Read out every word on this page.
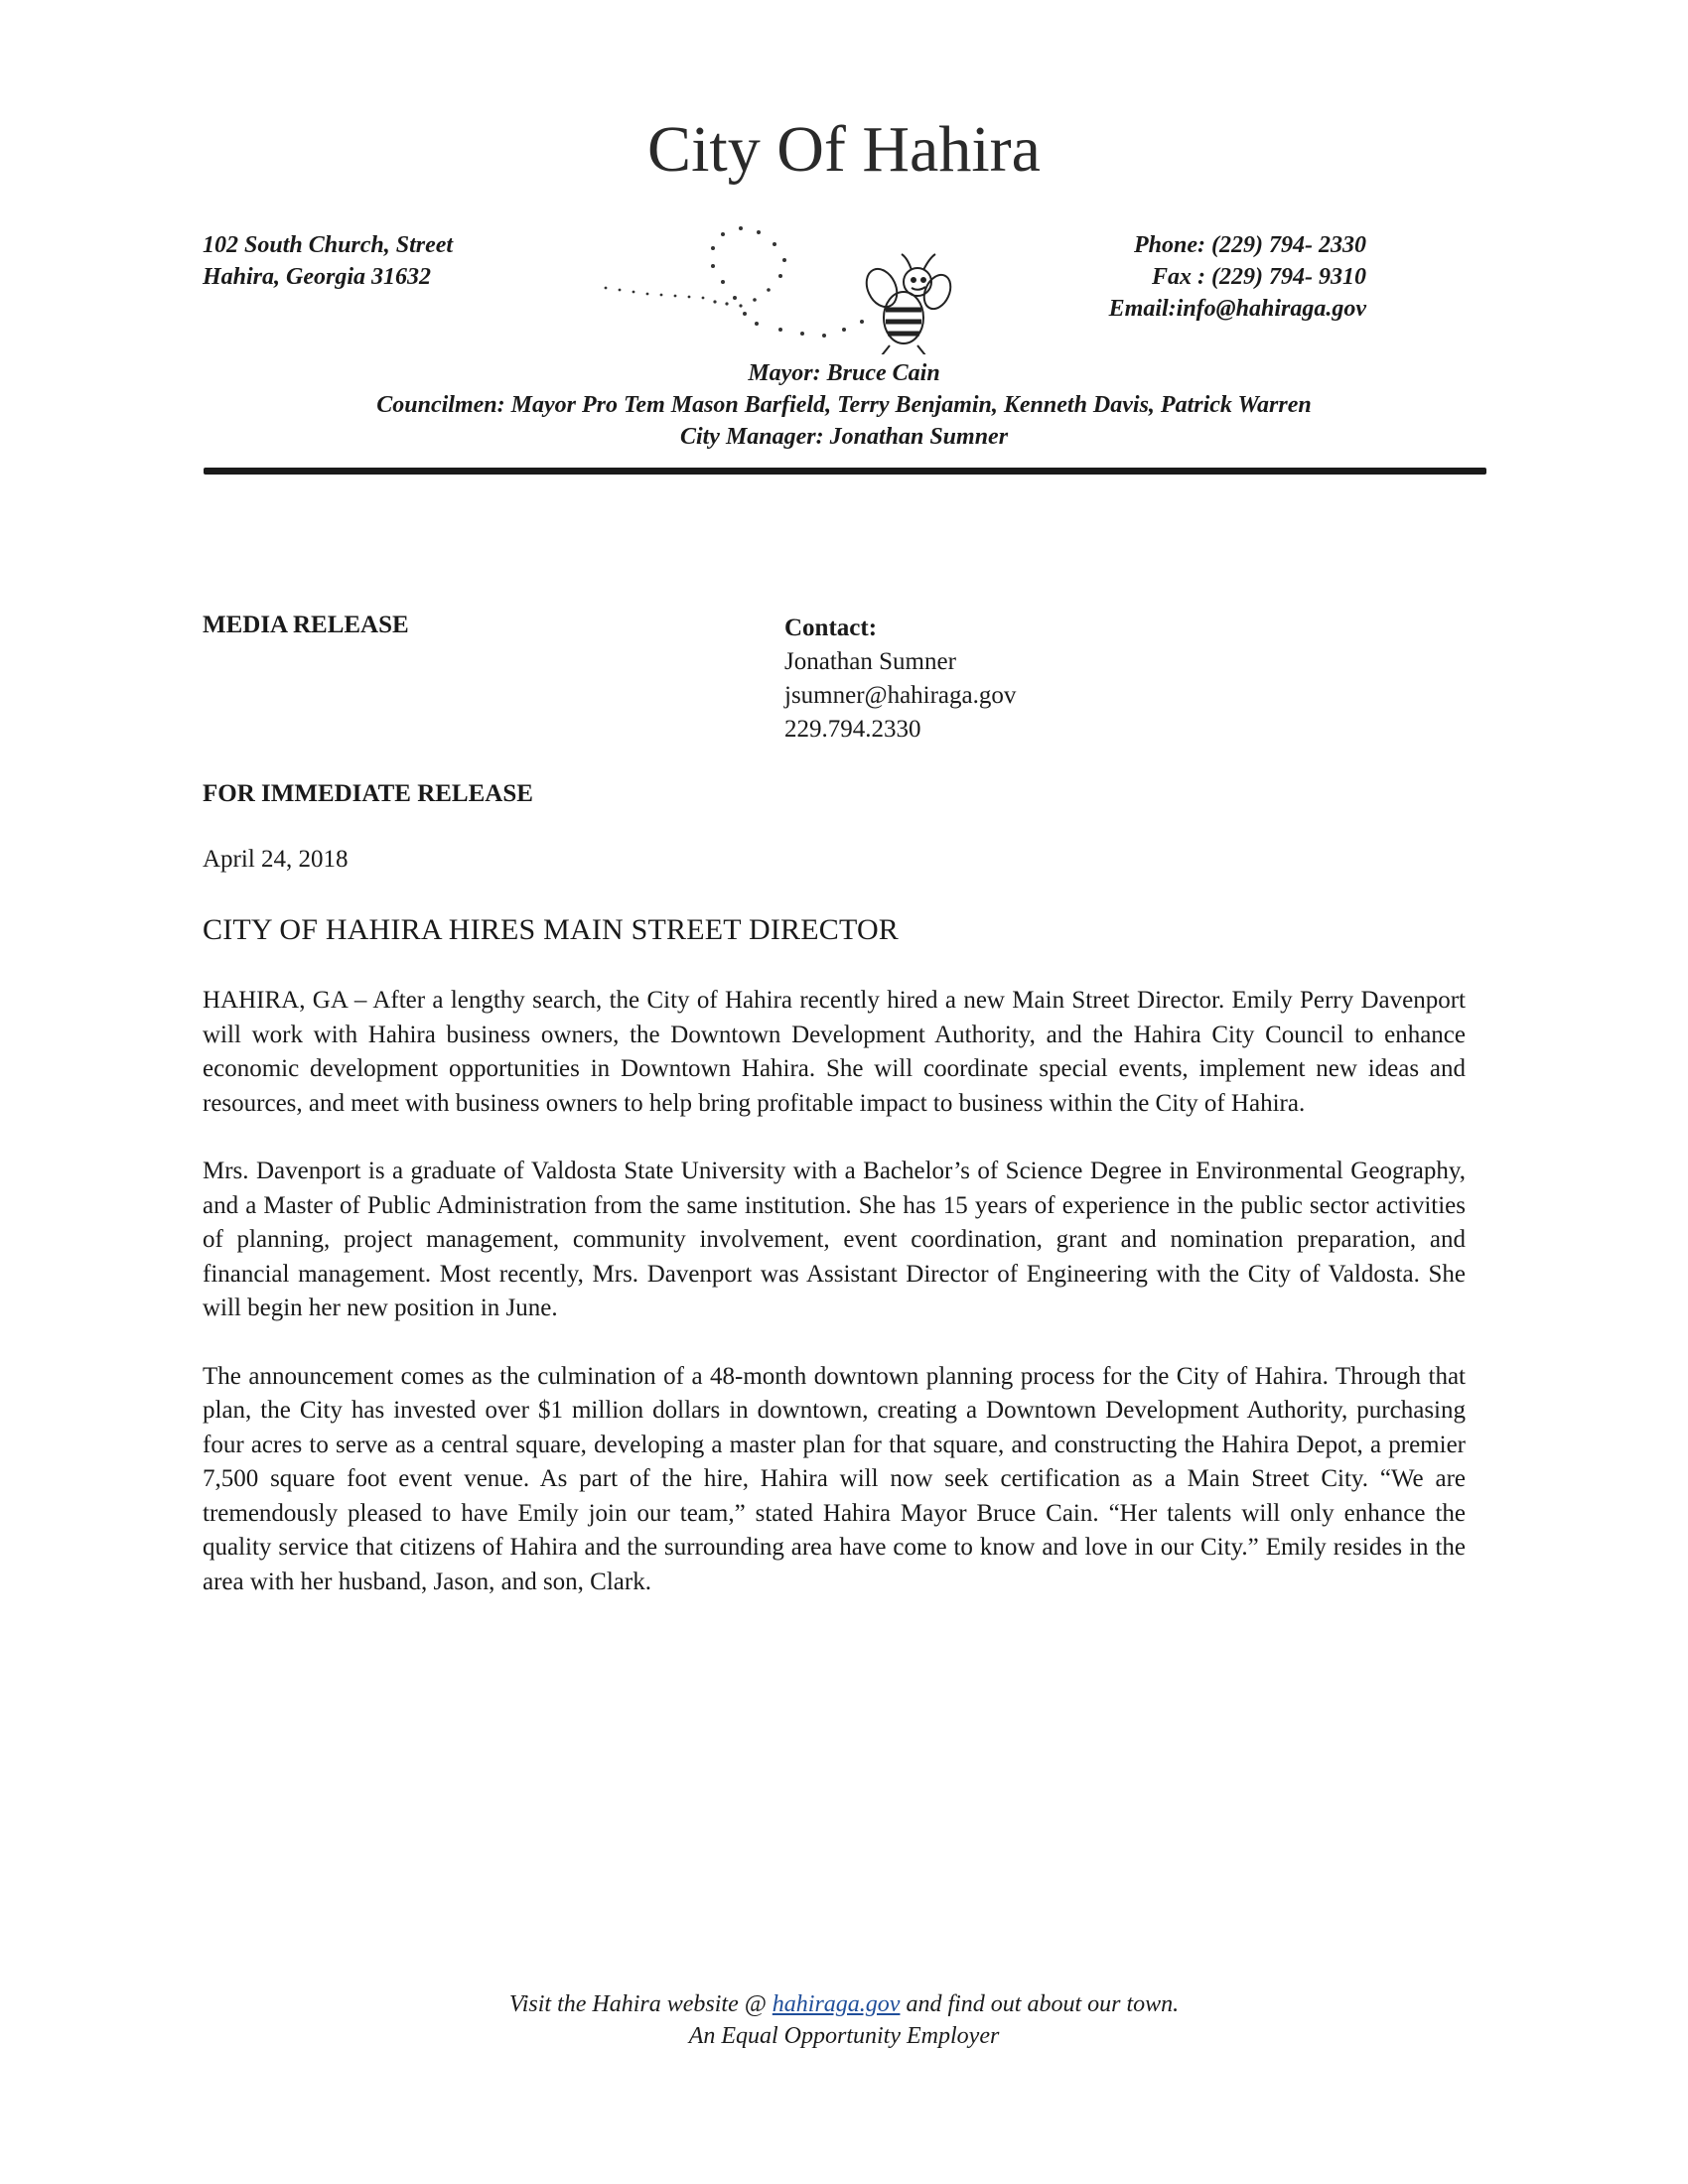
City Of Hahira
102 South Church, Street
Hahira, Georgia 31632
Phone: (229) 794- 2330
Fax : (229) 794- 9310
Email:info@hahiraga.gov
Mayor: Bruce Cain
Councilmen: Mayor Pro Tem Mason Barfield, Terry Benjamin, Kenneth Davis, Patrick Warren
City Manager: Jonathan Sumner
MEDIA RELEASE	Contact:
Jonathan Sumner
jsumner@hahiraga.gov
229.794.2330
FOR IMMEDIATE RELEASE
April 24, 2018
CITY OF HAHIRA HIRES MAIN STREET DIRECTOR

HAHIRA, GA – After a lengthy search, the City of Hahira recently hired a new Main Street Director. Emily Perry Davenport will work with Hahira business owners, the Downtown Development Authority, and the Hahira City Council to enhance economic development opportunities in Downtown Hahira. She will coordinate special events, implement new ideas and resources, and meet with business owners to help bring profitable impact to business within the City of Hahira.

Mrs. Davenport is a graduate of Valdosta State University with a Bachelor’s of Science Degree in Environmental Geography, and a Master of Public Administration from the same institution. She has 15 years of experience in the public sector activities of planning, project management, community involvement, event coordination, grant and nomination preparation, and financial management. Most recently, Mrs. Davenport was Assistant Director of Engineering with the City of Valdosta. She will begin her new position in June.

The announcement comes as the culmination of a 48-month downtown planning process for the City of Hahira. Through that plan, the City has invested over $1 million dollars in downtown, creating a Downtown Development Authority, purchasing four acres to serve as a central square, developing a master plan for that square, and constructing the Hahira Depot, a premier 7,500 square foot event venue. As part of the hire, Hahira will now seek certification as a Main Street City. “We are tremendously pleased to have Emily join our team,” stated Hahira Mayor Bruce Cain. “Her talents will only enhance the quality service that citizens of Hahira and the surrounding area have come to know and love in our City.” Emily resides in the area with her husband, Jason, and son, Clark.

Visit the Hahira website @ hahiraga.gov and find out about our town.
An Equal Opportunity Employer
